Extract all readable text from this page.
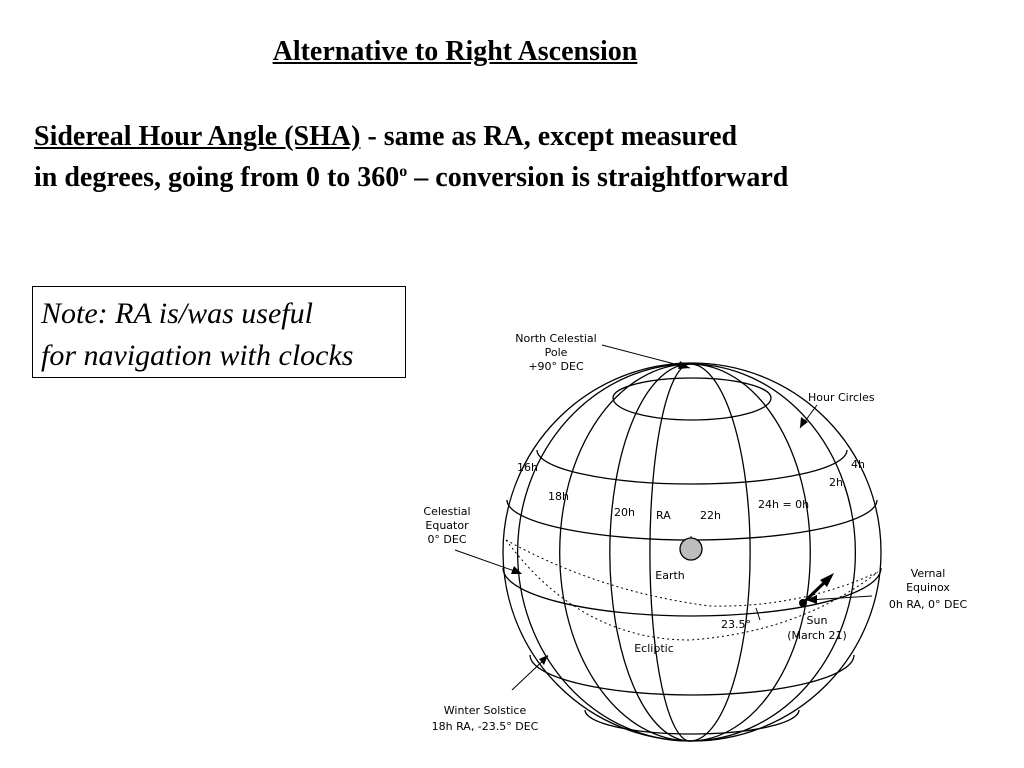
Alternative to Right Ascension
Sidereal Hour Angle (SHA) - same as RA, except measured
in degrees, going from 0 to 360$^o$ – conversion is straightforward
Note: RA is/was useful
for navigation with clocks
North Celestial
Pole
+90° DEC
Hour Circles
16h
18h
20h RA	22h
24h = 0h
2h
4h
Celestial
Equator
0° DEC
Earth	Vernal
Equinox
0h RA, 0° DEC
23.5°	Sun
(March 21)
Ecliptic
Winter Solstice
18h RA, -23.5° DEC
